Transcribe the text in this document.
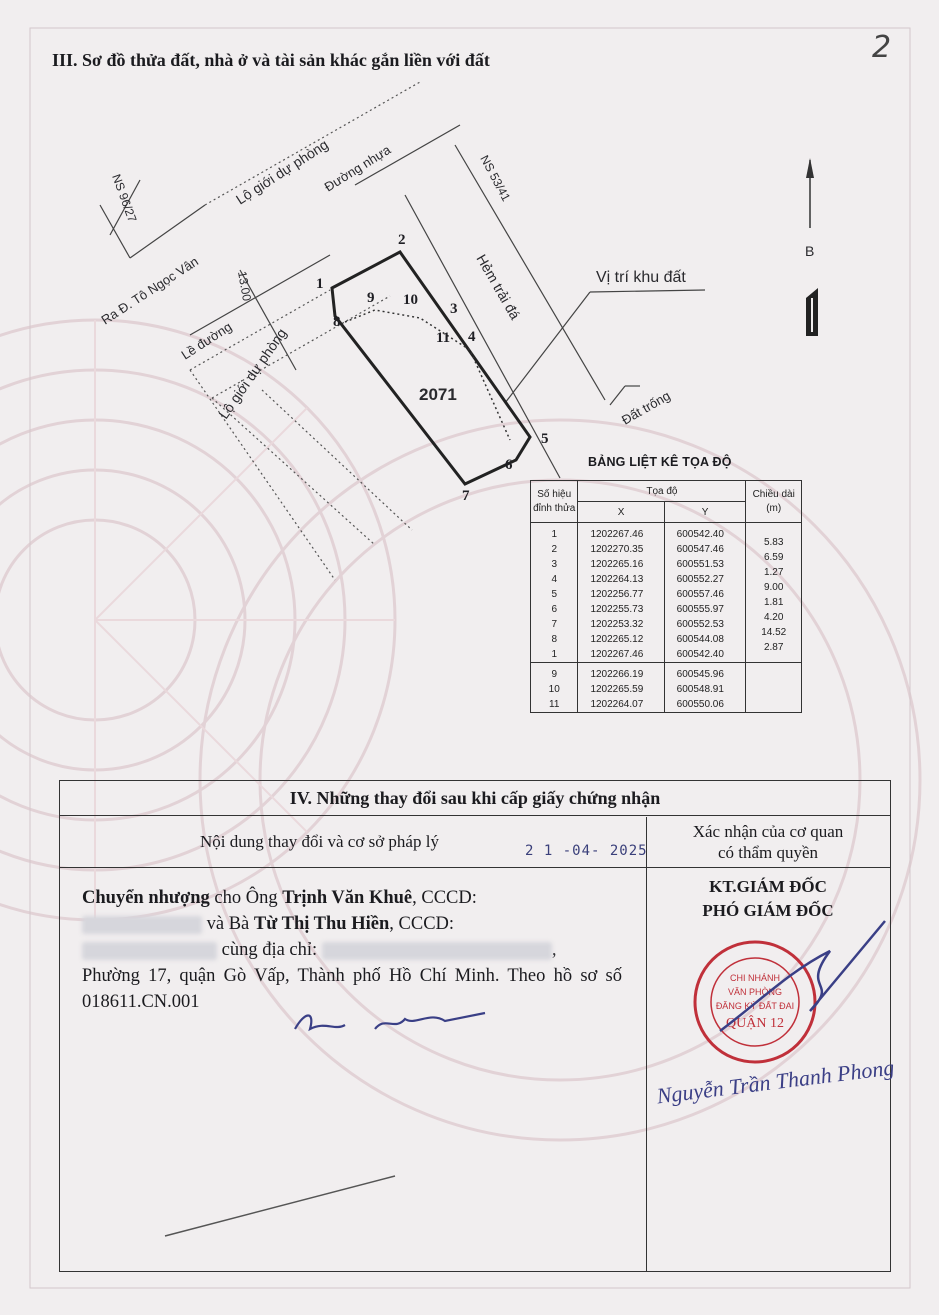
2
III. Sơ đồ thửa đất, nhà ở và tài sản khác gắn liền với đất
Lộ giới dự phòng
Đường nhựa	NS 53/41
NS 96/27
Ra Đ. Tô Ngọc Vân	13.00
Lề đường
Lộ giới dự phòng
Hẻm trải đá
Đất trống
Vị trí khu đất
2071
1
2
3
4
5
6
7
8
9 10
11
B
BẢNG LIỆT KÊ TỌA ĐỘ
Số hiệu
đỉnh thửa	Tọa độ		Chiều dài
(m)
	X	Y	
1	1202267.46	600542.40	5.83
2	1202270.35	600547.46	6.59
3	1202265.16	600551.53	1.27
4	1202264.13	600552.27	9.00
5	1202256.77	600557.46	1.81
6	1202255.73	600555.97	4.20
7	1202253.32	600552.53	14.52
8	1202265.12	600544.08	2.87
1	1202267.46	600542.40	
9	1202266.19	600545.96	
10	1202265.59	600548.91	
11	1202264.07	600550.06	
IV. Những thay đổi sau khi cấp giấy chứng nhận
Nội dung thay đổi và cơ sở pháp lý	2 1 -04- 2025
Xác nhận của cơ quan
có thẩm quyền
Chuyển nhượng cho Ông Trịnh Văn Khuê, CCCD:
và Bà Từ Thị Thu Hiền, CCCD:
cùng địa chỉ:	,
Phường 17, quận Gò Vấp, Thành phố Hồ Chí Minh. Theo hồ sơ số 018611.CN.001
KT.GIÁM ĐỐC
PHÓ GIÁM ĐỐC
CHI NHÁNH
VĂN PHÒNG
ĐĂNG KÝ ĐẤT ĐAI
QUẬN 12
Nguyễn Trần Thanh Phong
